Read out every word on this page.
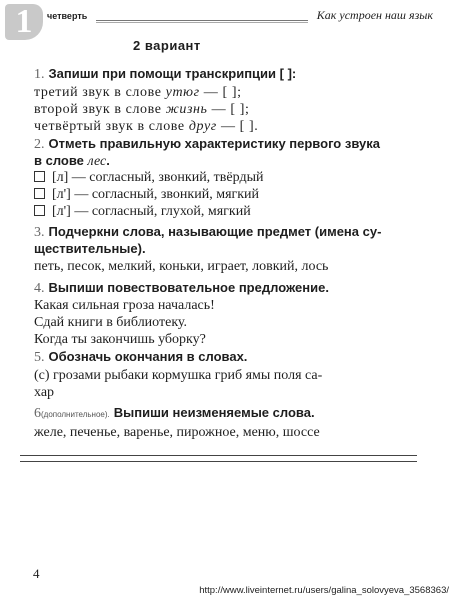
1	четверть	Как устроен наш язык
2 вариант
1. Запиши при помощи транскрипции [ ]:
третий звук в слове утюг — [ ];
второй звук в слове жизнь — [ ];
четвёртый звук в слове друг — [ ].
2. Отметь правильную характеристику первого звука
в слове лес.
[л] — согласный, звонкий, твёрдый
[л'] — согласный, звонкий, мягкий
[л'] — согласный, глухой, мягкий
3. Подчеркни слова, называющие предмет (имена су-
ществительные).
петь, песок, мелкий, коньки, играет, ловкий, лось
4. Выпиши повествовательное предложение.
Какая сильная гроза началась!
Сдай книги в библиотеку.
Когда ты закончишь уборку?
5. Обозначь окончания в словах.
(с) грозами рыбаки кормушка гриб ямы поля са-
хар
6(дополнительное). Выпиши неизменяемые слова.
желе, печенье, варенье, пирожное, меню, шоссе
4
http://www.liveinternet.ru/users/galina_solovyeva_3568363/
